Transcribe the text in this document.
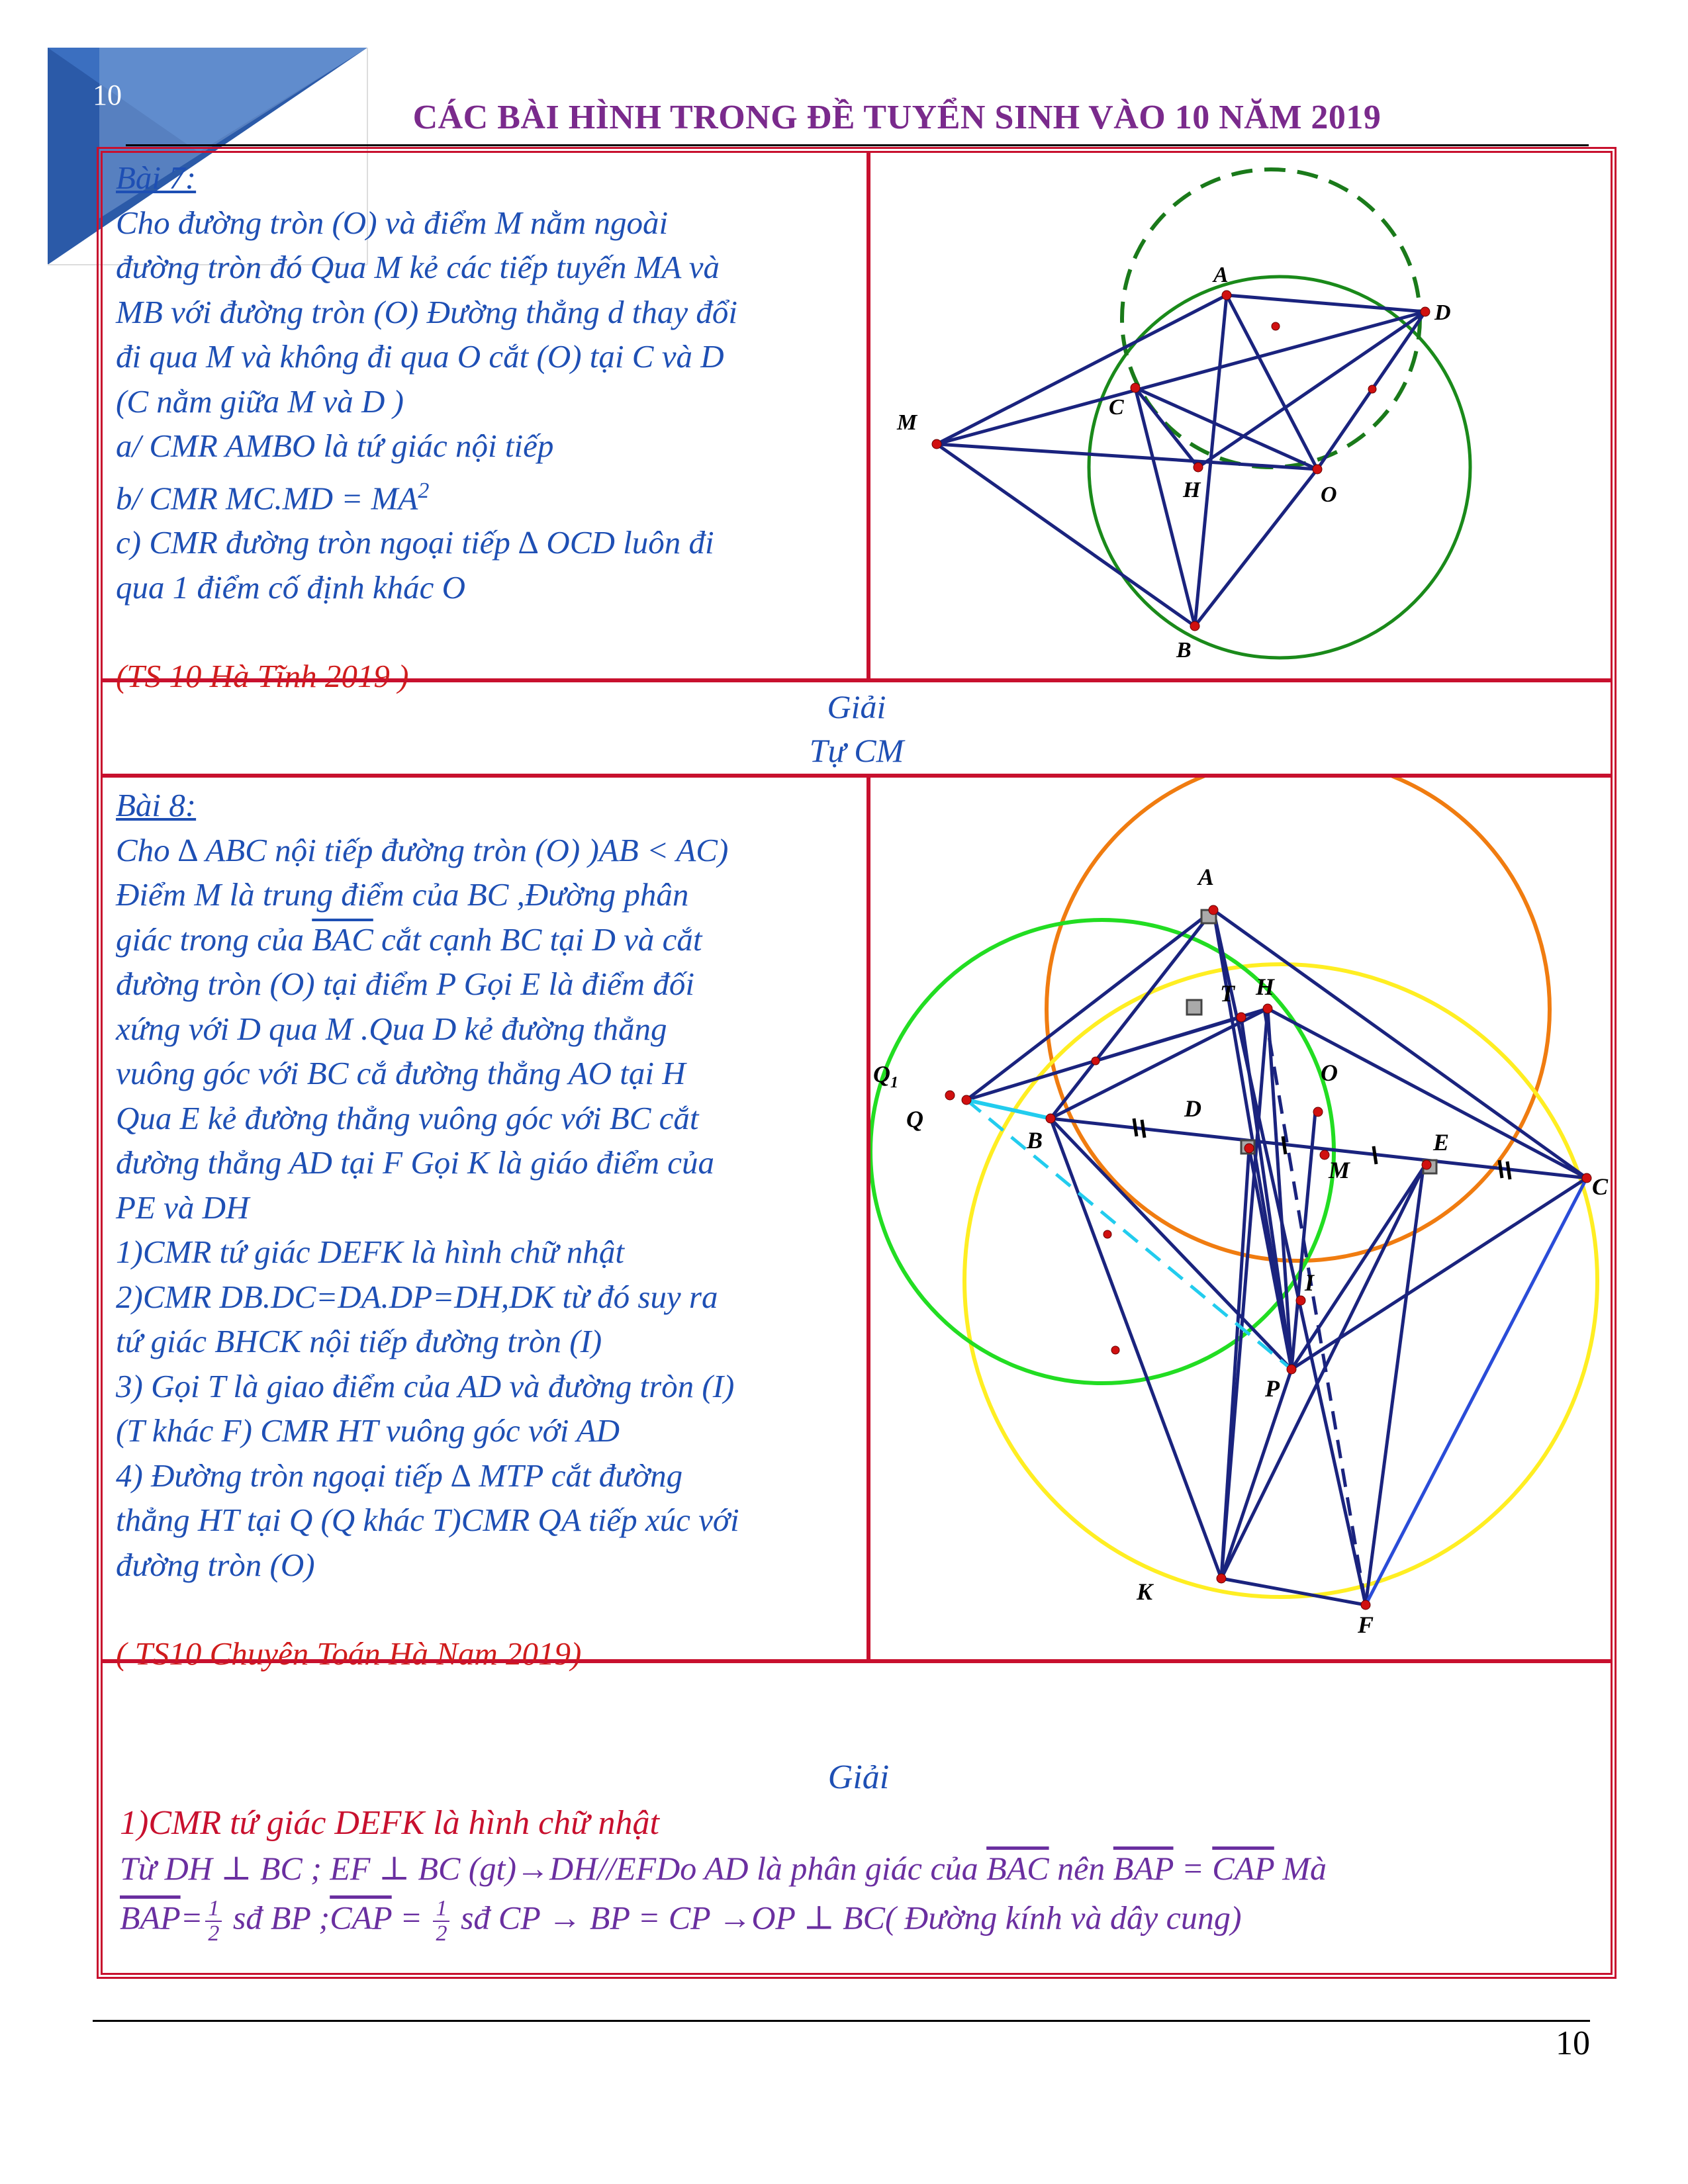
10
CÁC BÀI HÌNH TRONG ĐỀ TUYỂN SINH VÀO 10 NĂM 2019
Bài 7:
Cho đường tròn (O) và điểm M nằm ngoài
đường tròn đó Qua M kẻ các tiếp tuyến MA và
MB với đường tròn (O) Đường thẳng d thay đổi
đi qua M và không đi qua O cắt (O) tại C và D
(C nằm giữa M và D )
a/ CMR AMBO là tứ giác nội tiếp
b/ CMR $MC.MD = MA^2$
c) CMR đường tròn ngoại tiếp ∆ OCD luôn đi
qua 1 điểm cố định khác O
(TS 10 Hà Tĩnh 2019 )
A
D
C
M
H	O
B
Giải
Tự CM
Bài 8:
Cho ∆ ABC nội tiếp đường tròn (O) )AB < AC)
Điểm M là trung điểm của BC ,Đường phân
giác trong của $\overline{BAC}$ cắt cạnh BC tại D và cắt
đường tròn (O) tại điểm P Gọi E là điểm đối
xứng với D qua M .Qua D kẻ đường thẳng
vuông góc với BC cắ đường thẳng AO tại H
Qua E kẻ đường thẳng vuông góc với BC cắt
đường thẳng AD tại F Gọi K là giáo điểm của
PE và DH
1)CMR tứ giác DEFK là hình chữ nhật
2)CMR DB.DC=DA.DP=DH,DK từ đó suy ra
tứ giác BHCK nội tiếp đường tròn (I)
3) Gọi T là giao điểm của AD và đường tròn (I)
(T khác F) CMR HT vuông góc với AD
4) Đường tròn ngoại tiếp ∆ MTP cắt đường
thẳng HT tại Q (Q khác T)CMR QA tiếp xúc với
đường tròn (O)
( TS10 Chuyên Toán Hà Nam 2019)
A
T H
O
$Q_1$
Q
B
D
M
E
C
I
P
K
F
Giải
1)CMR tứ giác DEFK là hình chữ nhật
Từ DH ⊥ BC ; EF ⊥ BC (gt)→DH//EFDo AD là phân giác của $\overline{BAC}$ nên $\overline{BAP} = \overline{CAP}$ Mà
$\overline{BAP}= \frac{1}{2}$ sđ BP $;\overline{CAP} = \frac{1}{2}$ sđ CP → BP = CP →OP ⊥ BC( Đường kính và dây cung)
10
